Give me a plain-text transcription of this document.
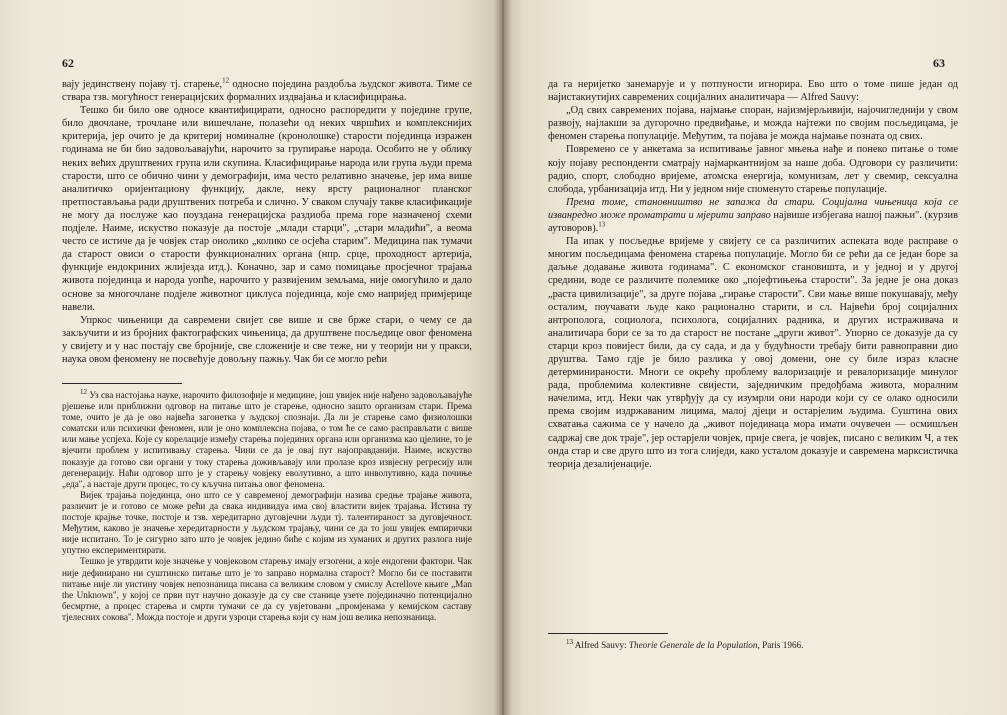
62

вају јединствену појаву тј. старење,$^{12}$ односно појединa раздобља људског живота. Тиме се ствара тзв. могућност генерацијских формалних издвајања и класифицирања.

Тешко би било ове односе квантифицирати, односно распоредити у поједине групе, било двочлане, трочлане или вишечлане, полазећи од неких чвршћих и комплекснијих критерија, јер очито је да критериј номиналне (кронолошке) старости појединца изражен годинама не би био задовољавајући, нарочито за групирање народа. Особито не у облику неких већих друштвених група или скупина. Класифицирање народа или група људи према старости, што се обично чини у демографији, има често релативно значење, јер има више аналитичко оријентациону функцију, дакле, неку врсту рационалног планског претпостављања ради друштвених потреба и слично. У сваком случају такве класификације не могу да послуже као поуздана генерацијска раздиоба према горе назначеној схеми подјеле. Наиме, искуство показује да постоје „млади старци", „стари младићи", а веома често се истиче да је човјек стар онолико „колико се осјећа старим". Медицина пак тумачи да старост овиси о старости функционалних органа (нпр. срце, проходност артерија, функције ендокриних жлијезда итд.). Коначно, зар и само помицање просјечног трајања живота појединца и народа уопће, нарочито у развијеним земљама, није омогућило и дало основе за многочлане подјеле животног циклуса појединца, које смо напријед примјерице навели.

Упркос чињеници да савремени свијет све више и све брже стари, о чему се да закључити и из бројних фактографских чињеница, да друштвене посљедице овог феномена у свијету и у нас постају све бројније, све сложеније и све теже, ни у теорији ни у пракси, наука овом феномену не посвећује довољну пажњу. Чак би се могло рећи

$^{12}$ Уз сва настојања науке, нарочито филозофије и медицине, још увијек није нађено задовољавајуће рјешење или приближни одговор на питање што је старење, односно зашто организам стари. Према томе, очито је да је ово највећа загонетка у људској спознаји. Да ли је старење само физиолошки соматски или психички феномен, или је оно комплексна појава, о том ће се само расправљати с више или мање успјеха. Које су корелације између старења појединих органа или организма као цјелине, то је вјечити проблем у испитивању старења. Чини се да је овај пут најопрaвданији. Наиме, искуство показује да готово сви органи у току старења доживљавају или пролазе кроз извјесну регресију или дегенерацију. Нaћи одговор што је у старењу човјеку еволутивно, а што инволутивно, када почиње „еда", а настаје други процес, то су кључна питања овог феномена.

Вијек трајања појединца, оно што се у савременој демографији назива средње трајање живота, различит је и готово се може рећи да свака индивидуа има свој властити вијек трајања. Истина ту постоје крајње точке, постоје и тзв. хередитарно дуговјечни људи тј. талентираност за дуговјечност. Међутим, каково је значење хередитарности у људском трајању, чини се да то још увијек емпирички није испитано. То је сигурно зато што је човјек једино биће с којим из хуманих и других разлога није упутно експериментирати.

Тешко је утврдити које значење у човјековом старењу имају егзогени, а које ендогени фактори. Чак није дефинирано ни суштинско питање што је то заправо нормална старост? Могло би се поставити питање није ли уистину човјек непознаница писана са великим словом у смислу Acrellove књиге „Man the Unknown", у којој се први пут научно доказује да су све станице узете појединачно потенцијално бесмртне, а процес старења и смрти тумачи се да су увјетовани „промјенама у кемијском саставу тјелесних сокова". Можда постоје и други узроци старења који су нам још велика непознаница.

63

да га неријетко занемарује и у потпуности игнорира. Ево што о томе пише један од најистакнутијих савремених социјалних аналитичара — Alfred Sauvy:

„Од свих савремених појава, најмање споран, најизмјерљивији, најочигледнији у свом развоју, најлакши за дугорочно предвиђање, и можда најтежи по својим посљедицама, је феномен старења популације. Међутим, та појава је можда најмање позната од свих.

Повремено се у анкетама за испитивање јавног мњења нађе и понеко питање о томе коју појаву респонденти сматрају најмаркантнијом за наше доба. Одговори су различити: радио, спорт, слободно вријеме, атомска енергија, комунизам, лет у свемир, сексуална слобода, урбанизација итд. Ни у једном није споменуто старење популације.

Према томе, становништво не запажа да стари. Социјална чињеница која се изванредно може проматрати и мјерити заправо највише избјегава нашој пажњи". (курзив аутоворов).$^{13}$

Па ипак у посљедње вријеме у свијету се са различитих аспеката воде расправе о многим посљедицама феномена старења популације. Могло би се рећи да се један боре за даљње додавање живота годинама". С економског становишта, и у једној и у другој средини, воде се различите полемике око „појефтињења старости". За једне је она доказ „раста цивилизације", за друге појава „гирање старости". Сви мање више покушавају, међу осталим, поучавати људе како рационално старити, и сл. Највећи број социјалних антрополога, социолога, психолога, социјалних радника, и других истраживача и аналитичара бори се за то да старост не постане „други живот". Упорно се доказује да су старци кроз повијест били, да су сада, и да у будућности требају бити равноправни дио друштва. Тамо гдје је било разлика у овој домени, оне су биле израз класне детерминираности. Многи се окрећу проблему валоризације и ревалоризације минулог рада, проблемима колективне свијести, заједничким предођбама живота, моралним начелима, итд. Неки чак утврђују да су изумрли они народи који су се олако односили према својим издржаваним лицима, малој дјеци и остарјелим људима. Суштина ових схватања сажима се у начело да „живот појединаца мора имати очувечен — осмишљен садржај све док траје", јер остарјели човјек, прије свега, је човјек, писано с великим Ч, а тек онда стар и све друго што из тога слиједи, како усталом доказује и савремена марксистичка теорија дезалијенације.

$^{13}$ Alfred Sauvy: Theorie Generale de la Population, Paris 1966.
